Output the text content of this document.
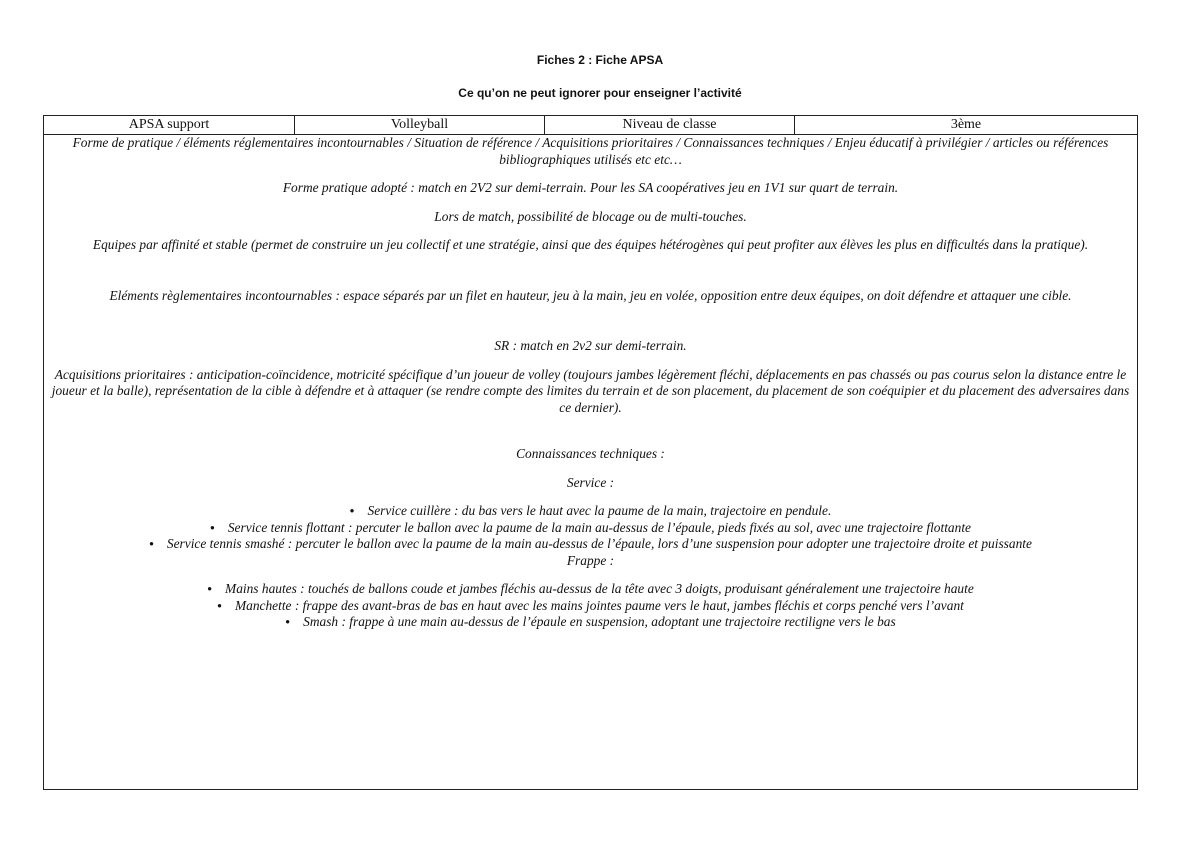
Fiches 2 : Fiche APSA
Ce qu’on ne peut ignorer pour enseigner l’activité
APSA support	Volleyball	Niveau de classe	3ème

Forme de pratique / éléments réglementaires incontournables / Situation de référence / Acquisitions prioritaires / Connaissances techniques / Enjeu éducatif à privilégier / articles ou références bibliographiques utilisés etc etc…

Forme pratique adopté : match en 2V2 sur demi-terrain. Pour les SA coopératives jeu en 1V1 sur quart de terrain.

Lors de match, possibilité de blocage ou de multi-touches.

Equipes par affinité et stable (permet de construire un jeu collectif et une stratégie, ainsi que des équipes hétérogènes qui peut profiter aux élèves les plus en difficultés dans la pratique).

Eléments règlementaires incontournables : espace séparés par un filet en hauteur, jeu à la main, jeu en volée, opposition entre deux équipes, on doit défendre et attaquer une cible.

SR : match en 2v2 sur demi-terrain.

Acquisitions prioritaires : anticipation-coïncidence, motricité spécifique d’un joueur de volley (toujours jambes légèrement fléchi, déplacements en pas chassés ou pas courus selon la distance entre le joueur et la balle), représentation de la cible à défendre et à attaquer (se rendre compte des limites du terrain et de son placement, du placement de son coéquipier et du placement des adversaires dans ce dernier).

Connaissances techniques :

Service :

● Service cuillère : du bas vers le haut avec la paume de la main, trajectoire en pendule.

● Service tennis flottant : percuter le ballon avec la paume de la main au-dessus de l’épaule, pieds fixés au sol, avec une trajectoire flottante

● Service tennis smashé : percuter le ballon avec la paume de la main au-dessus de l’épaule, lors d’une suspension pour adopter une trajectoire droite et puissante

Frappe :

● Mains hautes : touchés de ballons coude et jambes fléchis au-dessus de la tête avec 3 doigts, produisant généralement une trajectoire haute

● Manchette : frappe des avant-bras de bas en haut avec les mains jointes paume vers le haut, jambes fléchis et corps penché vers l’avant

● Smash : frappe à une main au-dessus de l’épaule en suspension, adoptant une trajectoire rectiligne vers le bas
